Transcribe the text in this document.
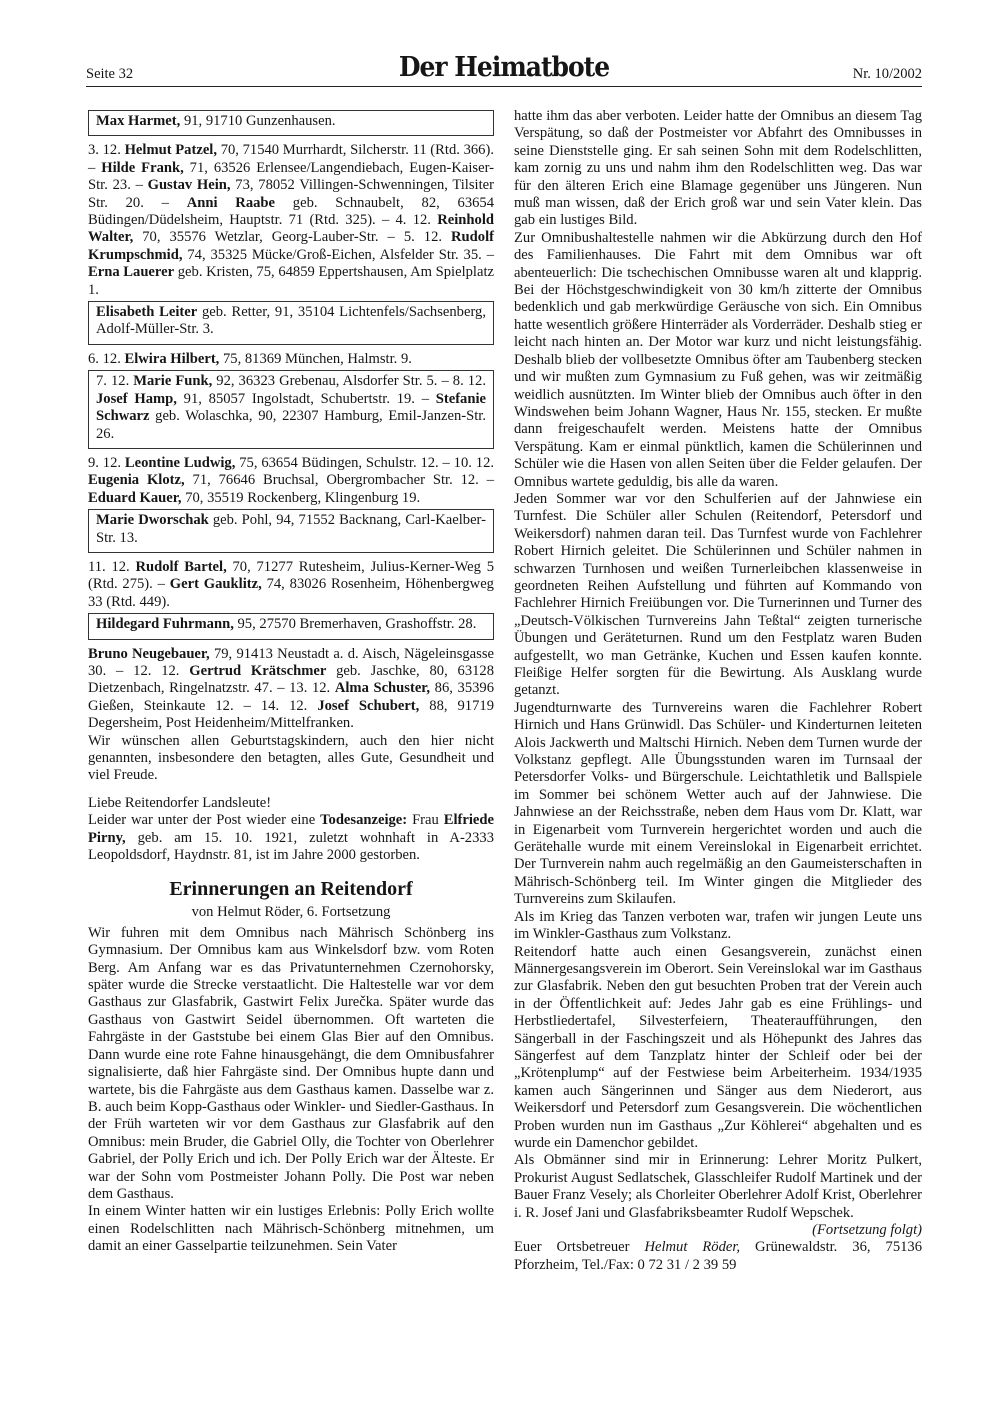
Seite 32	Der Heimatbote	Nr. 10/2002

Max Harmet, 91, 91710 Gunzenhausen.

3. 12. Helmut Patzel, 70, 71540 Murrhardt, Silcherstr. 11 (Rtd. 366). – Hilde Frank, 71, 63526 Erlensee/Langendiebach, Eugen-Kaiser-Str. 23. – Gustav Hein, 73, 78052 Villingen-Schwenningen, Tilsiter Str. 20. – Anni Raabe geb. Schnaubelt, 82, 63654 Büdingen/Düdelsheim, Hauptstr. 71 (Rtd. 325). – 4. 12. Reinhold Walter, 70, 35576 Wetzlar, Georg-Lauber-Str. – 5. 12. Rudolf Krumpschmid, 74, 35325 Mücke/Groß-Eichen, Alsfelder Str. 35. – Erna Lauerer geb. Kristen, 75, 64859 Eppertshausen, Am Spielplatz 1.

Elisabeth Leiter geb. Retter, 91, 35104 Lichtenfels/Sachsenberg, Adolf-Müller-Str. 3.

6. 12. Elwira Hilbert, 75, 81369 München, Halmstr. 9.

7. 12. Marie Funk, 92, 36323 Grebenau, Alsdorfer Str. 5. – 8. 12. Josef Hamp, 91, 85057 Ingolstadt, Schubertstr. 19. – Stefanie Schwarz geb. Wolaschka, 90, 22307 Hamburg, Emil-Janzen-Str. 26.

9. 12. Leontine Ludwig, 75, 63654 Büdingen, Schulstr. 12. – 10. 12. Eugenia Klotz, 71, 76646 Bruchsal, Obergrombacher Str. 12. – Eduard Kauer, 70, 35519 Rockenberg, Klingenburg 19.

Marie Dworschak geb. Pohl, 94, 71552 Backnang, Carl-Kaelber-Str. 13.

11. 12. Rudolf Bartel, 70, 71277 Rutesheim, Julius-Kerner-Weg 5 (Rtd. 275). – Gert Gauklitz, 74, 83026 Rosenheim, Höhenbergweg 33 (Rtd. 449).

Hildegard Fuhrmann, 95, 27570 Bremerhaven, Grashoffstr. 28.

Bruno Neugebauer, 79, 91413 Neustadt a. d. Aisch, Nägeleinsgasse 30. – 12. 12. Gertrud Krätschmer geb. Jaschke, 80, 63128 Dietzenbach, Ringelnatzstr. 47. – 13. 12. Alma Schuster, 86, 35396 Gießen, Steinkaute 12. – 14. 12. Josef Schubert, 88, 91719 Degersheim, Post Heidenheim/Mittelfranken.

Wir wünschen allen Geburtstagskindern, auch den hier nicht genannten, insbesondere den betagten, alles Gute, Gesundheit und viel Freude.

Liebe Reitendorfer Landsleute!

Leider war unter der Post wieder eine Todesanzeige: Frau Elfriede Pirny, geb. am 15. 10. 1921, zuletzt wohnhaft in A-2333 Leopoldsdorf, Haydnstr. 81, ist im Jahre 2000 gestorben.

Erinnerungen an Reitendorf
von Helmut Röder, 6. Fortsetzung

Wir fuhren mit dem Omnibus nach Mährisch Schönberg ins Gymnasium. Der Omnibus kam aus Winkelsdorf bzw. vom Roten Berg. Am Anfang war es das Privatunternehmen Czernohorsky, später wurde die Strecke verstaatlicht. Die Haltestelle war vor dem Gasthaus zur Glasfabrik, Gastwirt Felix Jurečka. Später wurde das Gasthaus von Gastwirt Seidel übernommen. Oft warteten die Fahrgäste in der Gaststube bei einem Glas Bier auf den Omnibus. Dann wurde eine rote Fahne hinausgehängt, die dem Omnibusfahrer signalisierte, daß hier Fahrgäste sind. Der Omnibus hupte dann und wartete, bis die Fahrgäste aus dem Gasthaus kamen. Dasselbe war z. B. auch beim Kopp-Gasthaus oder Winkler- und Siedler-Gasthaus. In der Früh warteten wir vor dem Gasthaus zur Glasfabrik auf den Omnibus: mein Bruder, die Gabriel Olly, die Tochter von Oberlehrer Gabriel, der Polly Erich und ich. Der Polly Erich war der Älteste. Er war der Sohn vom Postmeister Johann Polly. Die Post war neben dem Gasthaus.

In einem Winter hatten wir ein lustiges Erlebnis: Polly Erich wollte einen Rodelschlitten nach Mährisch-Schönberg mitnehmen, um damit an einer Gasselpartie teilzunehmen. Sein Vater

hatte ihm das aber verboten. Leider hatte der Omnibus an diesem Tag Verspätung, so daß der Postmeister vor Abfahrt des Omnibusses in seine Dienststelle ging. Er sah seinen Sohn mit dem Rodelschlitten, kam zornig zu uns und nahm ihm den Rodelschlitten weg. Das war für den älteren Erich eine Blamage gegenüber uns Jüngeren. Nun muß man wissen, daß der Erich groß war und sein Vater klein. Das gab ein lustiges Bild.

Zur Omnibushaltestelle nahmen wir die Abkürzung durch den Hof des Familienhauses. Die Fahrt mit dem Omnibus war oft abenteuerlich: Die tschechischen Omnibusse waren alt und klapprig. Bei der Höchstgeschwindigkeit von 30 km/h zitterte der Omnibus bedenklich und gab merkwürdige Geräusche von sich. Ein Omnibus hatte wesentlich größere Hinterräder als Vorderräder. Deshalb stieg er leicht nach hinten an. Der Motor war kurz und nicht leistungsfähig. Deshalb blieb der vollbesetzte Omnibus öfter am Taubenberg stecken und wir mußten zum Gymnasium zu Fuß gehen, was wir zeitmäßig weidlich ausnützten. Im Winter blieb der Omnibus auch öfter in den Windswehen beim Johann Wagner, Haus Nr. 155, stecken. Er mußte dann freigeschaufelt werden. Meistens hatte der Omnibus Verspätung. Kam er einmal pünktlich, kamen die Schülerinnen und Schüler wie die Hasen von allen Seiten über die Felder gelaufen. Der Omnibus wartete geduldig, bis alle da waren.

Jeden Sommer war vor den Schulferien auf der Jahnwiese ein Turnfest. Die Schüler aller Schulen (Reitendorf, Petersdorf und Weikersdorf) nahmen daran teil. Das Turnfest wurde von Fachlehrer Robert Hirnich geleitet. Die Schülerinnen und Schüler nahmen in schwarzen Turnhosen und weißen Turnerleibchen klassenweise in geordneten Reihen Aufstellung und führten auf Kommando von Fachlehrer Hirnich Freiübungen vor. Die Turnerinnen und Turner des „Deutsch-Völkischen Turnvereins Jahn Teßtal“ zeigten turnerische Übungen und Geräteturnen. Rund um den Festplatz waren Buden aufgestellt, wo man Getränke, Kuchen und Essen kaufen konnte. Fleißige Helfer sorgten für die Bewirtung. Als Ausklang wurde getanzt.

Jugendturnwarte des Turnvereins waren die Fachlehrer Robert Hirnich und Hans Grünwidl. Das Schüler- und Kinderturnen leiteten Alois Jackwerth und Maltschi Hirnich. Neben dem Turnen wurde der Volkstanz gepflegt. Alle Übungsstunden waren im Turnsaal der Petersdorfer Volks- und Bürgerschule. Leichtathletik und Ballspiele im Sommer bei schönem Wetter auch auf der Jahnwiese. Die Jahnwiese an der Reichsstraße, neben dem Haus vom Dr. Klatt, war in Eigenarbeit vom Turnverein hergerichtet worden und auch die Gerätehalle wurde mit einem Vereinslokal in Eigenarbeit errichtet. Der Turnverein nahm auch regelmäßig an den Gaumeisterschaften in Mährisch-Schönberg teil. Im Winter gingen die Mitglieder des Turnvereins zum Skilaufen.

Als im Krieg das Tanzen verboten war, trafen wir jungen Leute uns im Winkler-Gasthaus zum Volkstanz.

Reitendorf hatte auch einen Gesangsverein, zunächst einen Männergesangsverein im Oberort. Sein Vereinslokal war im Gasthaus zur Glasfabrik. Neben den gut besuchten Proben trat der Verein auch in der Öffentlichkeit auf: Jedes Jahr gab es eine Frühlings- und Herbstliedertafel, Silvesterfeiern, Theateraufführungen, den Sängerball in der Faschingszeit und als Höhepunkt des Jahres das Sängerfest auf dem Tanzplatz hinter der Schleif oder bei der „Krötenplump“ auf der Festwiese beim Arbeiterheim. 1934/1935 kamen auch Sängerinnen und Sänger aus dem Niederort, aus Weikersdorf und Petersdorf zum Gesangsverein. Die wöchentlichen Proben wurden nun im Gasthaus „Zur Köhlerei“ abgehalten und es wurde ein Damenchor gebildet.

Als Obmänner sind mir in Erinnerung: Lehrer Moritz Pulkert, Prokurist August Sedlatschek, Glasschleifer Rudolf Martinek und der Bauer Franz Vesely; als Chorleiter Oberlehrer Adolf Krist, Oberlehrer i. R. Josef Jani und Glasfabriksbeamter Rudolf Wepschek.

(Fortsetzung folgt)

Euer Ortsbetreuer Helmut Röder, Grünewaldstr. 36, 75136 Pforzheim, Tel./Fax: 0 72 31 / 2 39 59
